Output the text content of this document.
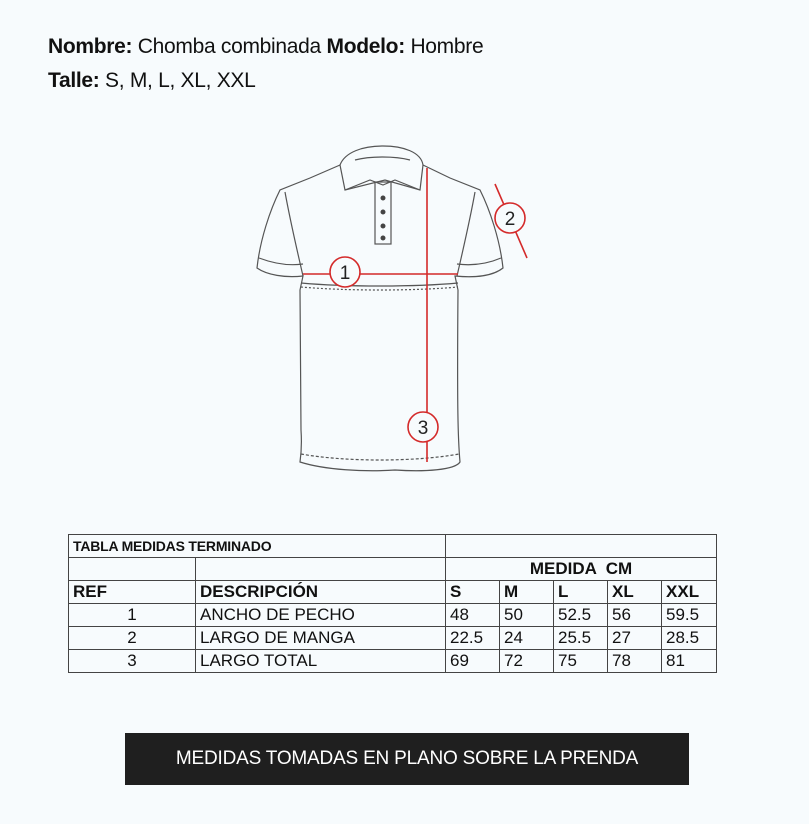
Nombre: Chomba combinada Modelo: Hombre
Talle: S, M, L, XL, XXL
1
2
3
TABLA MEDIDAS TERMINADO						
		MEDIDA  CM				
REF	DESCRIPCIÓN	S	M	L	XL	XXL
1	ANCHO DE PECHO	48	50	52.5	56	59.5
2	LARGO DE MANGA	22.5	24	25.5	27	28.5
3	LARGO TOTAL	69	72	75	78	81
MEDIDAS TOMADAS EN PLANO SOBRE LA PRENDA
